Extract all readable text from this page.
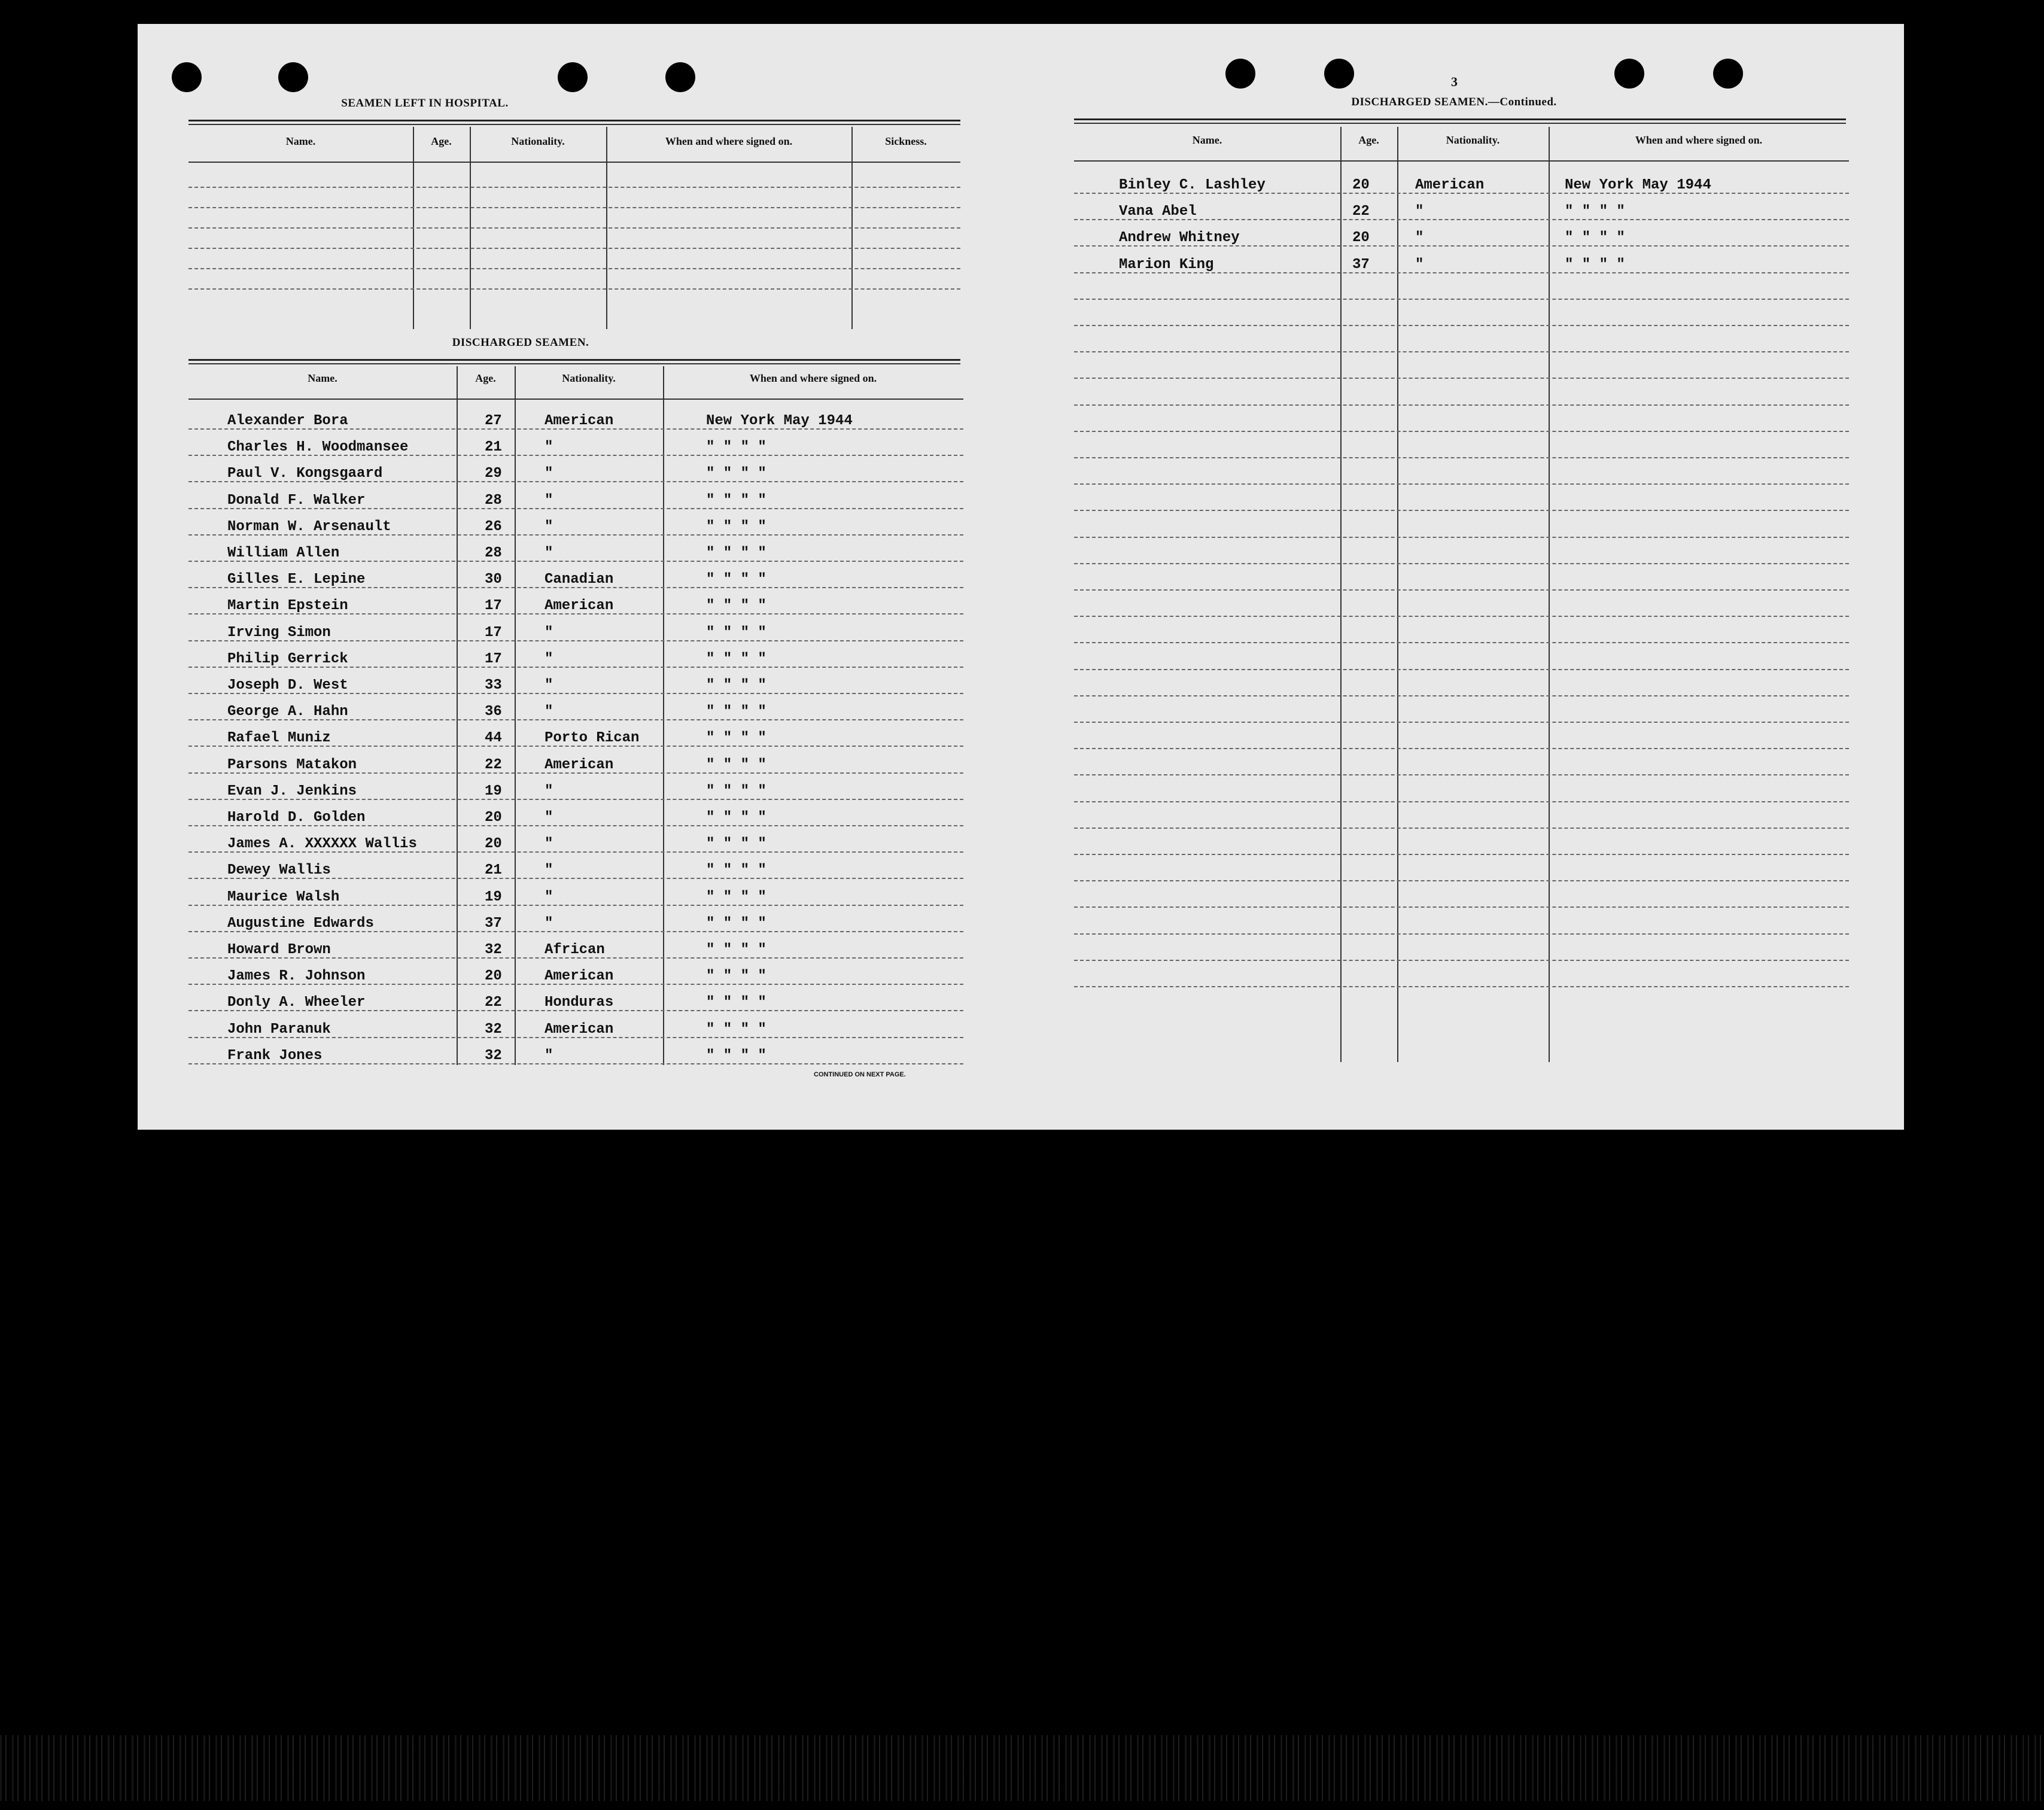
SEAMEN LEFT IN HOSPITAL.
Name.	Age.	Nationality.	When and where signed on.	Sickness.
DISCHARGED SEAMEN.
Name.	Age.	Nationality.	When and where signed on.
Alexander Bora	27	American	New York May 1944
Charles H. Woodmansee	21	"	" " " "
Paul V. Kongsgaard	29	"	" " " "
Donald F. Walker	28	"	" " " "
Norman W. Arsenault	26	"	" " " "
William Allen	28	"	" " " "
Gilles E. Lepine	30	Canadian	" " " "
Martin Epstein	17	American	" " " "
Irving Simon	17	"	" " " "
Philip Gerrick	17	"	" " " "
Joseph D. West	33	"	" " " "
George A. Hahn	36	"	" " " "
Rafael Muniz	44	Porto Rican	" " " "
Parsons Matakon	22	American	" " " "
Evan J. Jenkins	19	"	" " " "
Harold D. Golden	20	"	" " " "
James A. XXXXXX Wallis	20	"	" " " "
Dewey Wallis	21	"	" " " "
Maurice Walsh	19	"	" " " "
Augustine Edwards	37	"	" " " "
Howard Brown	32	African	" " " "
James R. Johnson	20	American	" " " "
Donly A. Wheeler	22	Honduras	" " " "
John Paranuk	32	American	" " " "
Frank Jones	32	"	" " " "
CONTINUED ON NEXT PAGE.
3
DISCHARGED SEAMEN.—Continued.
Name.	Age.	Nationality.	When and where signed on.
Binley C. Lashley	20	American	New York May 1944
Vana Abel	22	"	" " " "
Andrew Whitney	20	"	" " " "
Marion King	37	"	" " " "
